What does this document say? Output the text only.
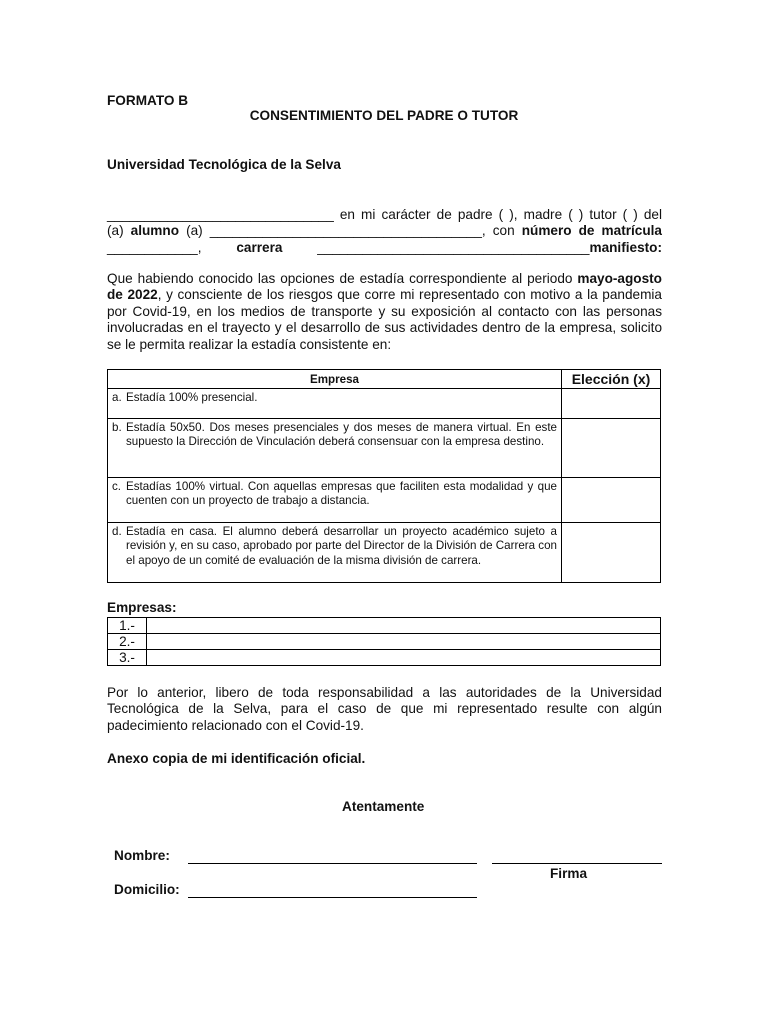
FORMATO B
CONSENTIMIENTO DEL PADRE O TUTOR
Universidad Tecnológica de la Selva
______________________________ en mi carácter de padre ( ), madre ( ) tutor ( ) del
(a) alumno (a) ____________________________________, con número de matrícula
____________, carrera ____________________________________manifiesto:
Que habiendo conocido las opciones de estadía correspondiente al periodo mayo-agosto
de 2022, y consciente de los riesgos que corre mi representado con motivo a la pandemia
por Covid-19, en los medios de transporte y su exposición al contacto con las personas
involucradas en el trayecto y el desarrollo de sus actividades dentro de la empresa, solicito
se le permita realizar la estadía consistente en:
Empresa	Elección (x)

a. Estadía 100% presencial.	

b. Estadía 50x50. Dos meses presenciales y dos meses de manera virtual. En este supuesto la Dirección de Vinculación deberá consensuar con la empresa destino.	

c. Estadías 100% virtual. Con aquellas empresas que faciliten esta modalidad y que cuenten con un proyecto de trabajo a distancia.	

d. Estadía en casa. El alumno deberá desarrollar un proyecto académico sujeto a revisión y, en su caso, aprobado por parte del Director de la División de Carrera con el apoyo de un comité de evaluación de la misma división de carrera.	

Empresas:
1.-	
2.-	
3.-	
Por lo anterior, libero de toda responsabilidad a las autoridades de la Universidad
Tecnológica de la Selva, para el caso de que mi representado resulte con algún
padecimiento relacionado con el Covid-19.
Anexo copia de mi identificación oficial.
Atentamente
Nombre:
Firma
Domicilio:
